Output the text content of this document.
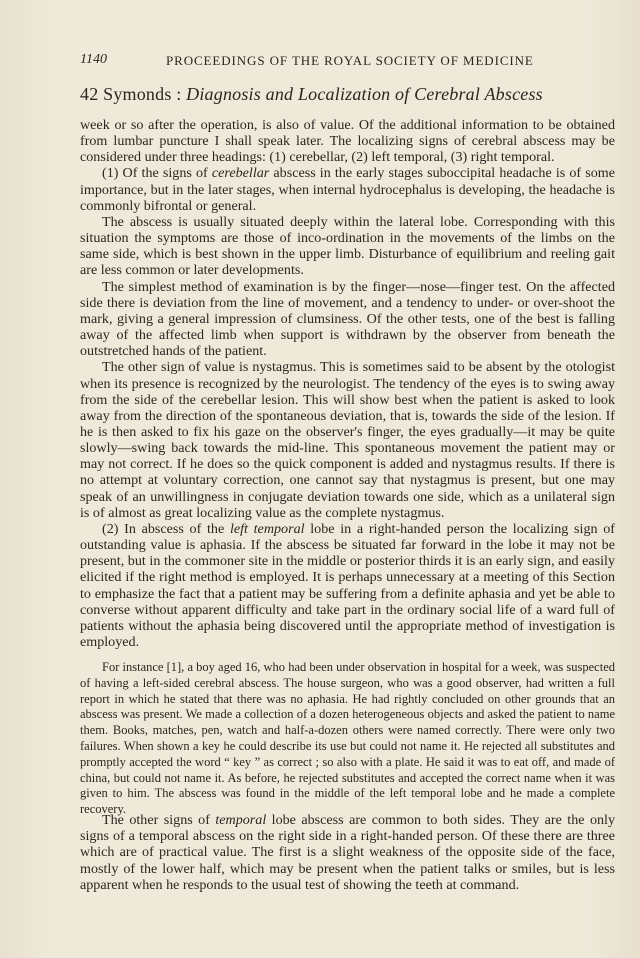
1140	PROCEEDINGS OF THE ROYAL SOCIETY OF MEDICINE
42 Symonds : Diagnosis and Localization of Cerebral Abscess

week or so after the operation, is also of value. Of the additional information to be obtained from lumbar puncture I shall speak later. The localizing signs of cerebral abscess may be considered under three headings: (1) cerebellar, (2) left temporal, (3) right temporal.

(1) Of the signs of cerebellar abscess in the early stages suboccipital headache is of some importance, but in the later stages, when internal hydrocephalus is developing, the headache is commonly bifrontal or general.

The abscess is usually situated deeply within the lateral lobe. Corresponding with this situation the symptoms are those of inco-ordination in the movements of the limbs on the same side, which is best shown in the upper limb. Disturbance of equilibrium and reeling gait are less common or later developments.

The simplest method of examination is by the finger—nose—finger test. On the affected side there is deviation from the line of movement, and a tendency to under- or over-shoot the mark, giving a general impression of clumsiness. Of the other tests, one of the best is falling away of the affected limb when support is withdrawn by the observer from beneath the outstretched hands of the patient.

The other sign of value is nystagmus. This is sometimes said to be absent by the otologist when its presence is recognized by the neurologist. The tendency of the eyes is to swing away from the side of the cerebellar lesion. This will show best when the patient is asked to look away from the direction of the spontaneous deviation, that is, towards the side of the lesion. If he is then asked to fix his gaze on the observer's finger, the eyes gradually—it may be quite slowly—swing back towards the mid-line. This spontaneous movement the patient may or may not correct. If he does so the quick component is added and nystagmus results. If there is no attempt at voluntary correction, one cannot say that nystagmus is present, but one may speak of an unwillingness in conjugate deviation towards one side, which as a unilateral sign is of almost as great localizing value as the complete nystagmus.

(2) In abscess of the left temporal lobe in a right-handed person the localizing sign of outstanding value is aphasia. If the abscess be situated far forward in the lobe it may not be present, but in the commoner site in the middle or posterior thirds it is an early sign, and easily elicited if the right method is employed. It is perhaps unnecessary at a meeting of this Section to emphasize the fact that a patient may be suffering from a definite aphasia and yet be able to converse without apparent difficulty and take part in the ordinary social life of a ward full of patients without the aphasia being discovered until the appropriate method of investigation is employed.

For instance [1], a boy aged 16, who had been under observation in hospital for a week, was suspected of having a left-sided cerebral abscess. The house surgeon, who was a good observer, had written a full report in which he stated that there was no aphasia. He had rightly concluded on other grounds that an abscess was present. We made a collection of a dozen heterogeneous objects and asked the patient to name them. Books, matches, pen, watch and half-a-dozen others were named correctly. There were only two failures. When shown a key he could describe its use but could not name it. He rejected all substitutes and promptly accepted the word “ key ” as correct ; so also with a plate. He said it was to eat off, and made of china, but could not name it. As before, he rejected substitutes and accepted the correct name when it was given to him. The abscess was found in the middle of the left temporal lobe and he made a complete recovery.

The other signs of temporal lobe abscess are common to both sides. They are the only signs of a temporal abscess on the right side in a right-handed person. Of these there are three which are of practical value. The first is a slight weakness of the opposite side of the face, mostly of the lower half, which may be present when the patient talks or smiles, but is less apparent when he responds to the usual test of showing the teeth at command.
